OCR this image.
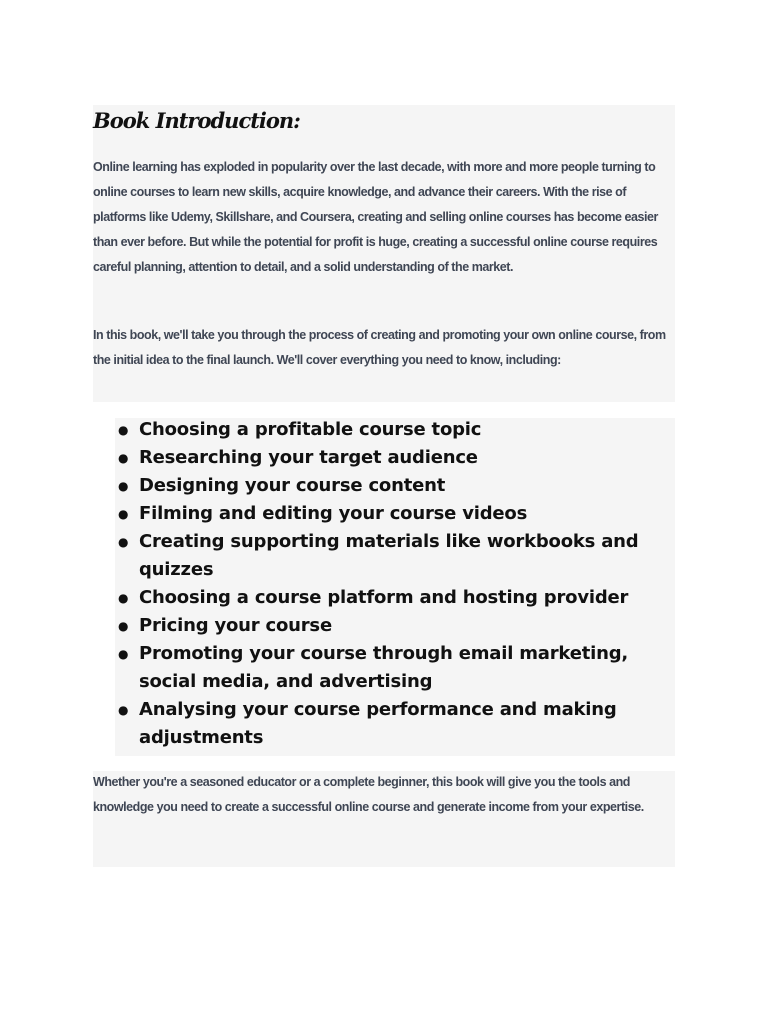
Book Introduction:

Online learning has exploded in popularity over the last decade, with more and more people turning to online courses to learn new skills, acquire knowledge, and advance their careers. With the rise of platforms like Udemy, Skillshare, and Coursera, creating and selling online courses has become easier than ever before. But while the potential for profit is huge, creating a successful online course requires careful planning, attention to detail, and a solid understanding of the market.

In this book, we'll take you through the process of creating and promoting your own online course, from the initial idea to the final launch. We'll cover everything you need to know, including:

● Choosing a profitable course topic
● Researching your target audience
● Designing your course content
● Filming and editing your course videos
● Creating supporting materials like workbooks and quizzes
● Choosing a course platform and hosting provider
● Pricing your course
● Promoting your course through email marketing, social media, and advertising
● Analysing your course performance and making adjustments

Whether you're a seasoned educator or a complete beginner, this book will give you the tools and knowledge you need to create a successful online course and generate income from your expertise.
